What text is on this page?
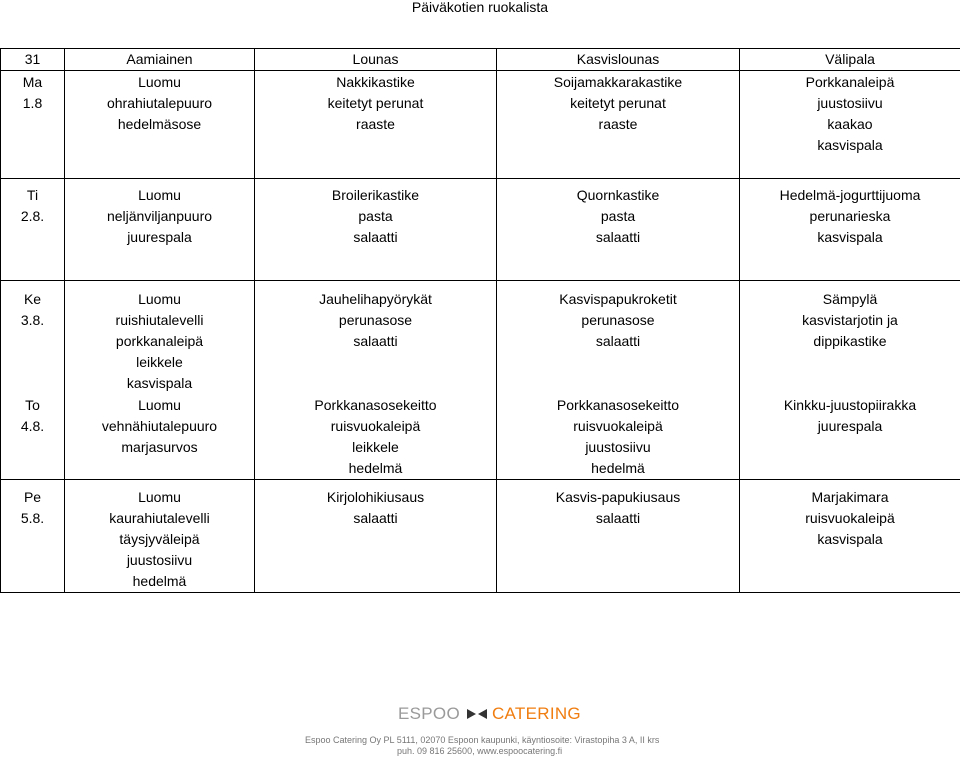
Päiväkotien ruokalista
31	Aamiainen	Lounas	Kasvislounas	Välipala

Ma
1.8	Luomu
ohrahiutalepuuro
hedelmäsose	Nakkikastike
keitetyt perunat
raaste	Soijamakkarakastike
keitetyt perunat
raaste	Porkkanaleipä
juustosiivu
kaakao
kasvispala

Ti
2.8.	Luomu
neljänviljanpuuro
juurespala	Broilerikastike
pasta
salaatti	Quornkastike
pasta
salaatti	Hedelmä-jogurttijuoma
perunarieska
kasvispala

Ke
3.8.	Luomu
ruishiutalevelli
porkkanaleipä
leikkele
kasvispala	Jauhelihapyörykät
perunasose
salaatti	Kasvispapukroketit
perunasose
salaatti	Sämpylä
kasvistarjotin ja
dippikastike

To
4.8.	Luomu
vehnähiutalepuuro
marjasurvos	Porkkanasosekeitto
ruisvuokaleipä
leikkele
hedelmä	Porkkanasosekeitto
ruisvuokaleipä
juustosiivu
hedelmä	Kinkku-juustopiirakka
juurespala

Pe
5.8.	Luomu
kaurahiutalevelli
täysjyväleipä
juustosiivu
hedelmä	Kirjolohikiusaus
salaatti	Kasvis-papukiusaus
salaatti	Marjakimara
ruisvuokaleipä
kasvispala
ESPOO CATERING
Espoo Catering Oy PL 5111, 02070 Espoon kaupunki, käyntiosoite: Virastopiha 3 A, II krs
puh. 09 816 25600, www.espoocatering.fi
